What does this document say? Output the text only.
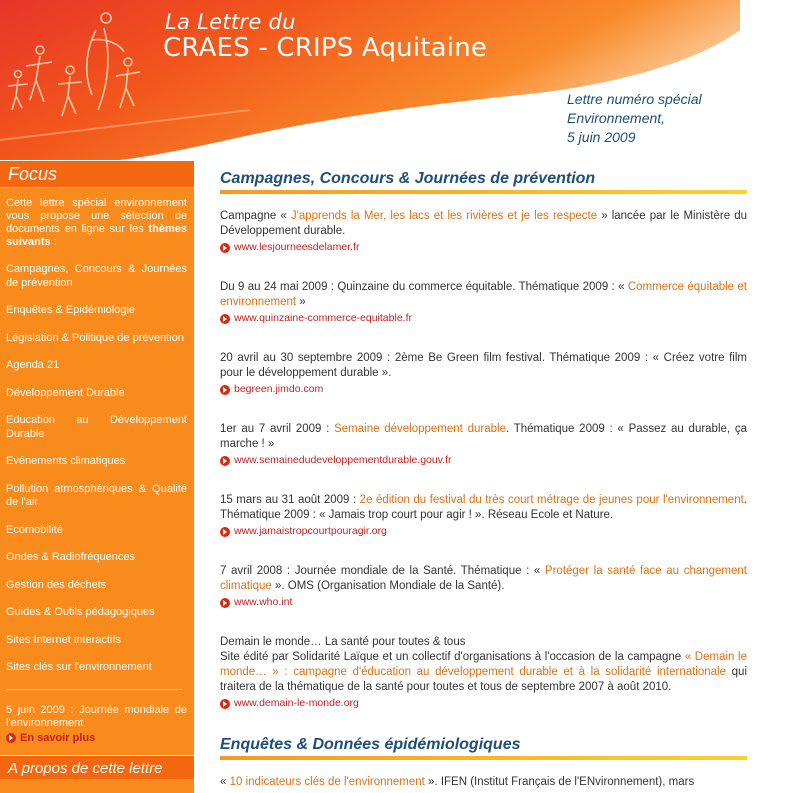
La Lettre du
CRAES - CRIPS Aquitaine
Lettre numéro spécial
Environnement,
5 juin 2009
Focus
Cette lettre spécial environnement vous propose une sélection de documents en ligne sur les thèmes suivants :
Campagnes, Concours & Journées de prévention
Enquêtes & Epidémiologie
Législation & Politique de prévention
Agenda 21
Développement Durable
Education au Développement Durable
Evénements climatiques
Pollution atmosphériques & Qualité de l'air
Ecomobilité
Ondes & Radiofréquences
Gestion des déchets
Guides & Outils pédagogiques
Sites Internet interactifs
Sites clés sur l'environnement
5 juin 2009 : Journée mondiale de l'environnement
En savoir plus
A propos de cette lettre
Campagnes, Concours & Journées de prévention
Campagne « J'apprends la Mer, les lacs et les rivières et je les respecte » lancée par le Ministère du Développement durable.
www.lesjourneesdelamer.fr
Du 9 au 24 mai 2009 : Quinzaine du commerce équitable. Thématique 2009 : « Commerce équitable et environnement »
www.quinzaine-commerce-equitable.fr
20 avril au 30 septembre 2009 : 2ème Be Green film festival. Thématique 2009 : « Créez votre film pour le développement durable ».
begreen.jimdo.com
1er au 7 avril 2009 : Semaine développement durable. Thématique 2009 : « Passez au durable, ça marche ! »
www.semainedudeveloppementdurable.gouv.fr
15 mars au 31 août 2009 : 2e édition du festival du très court métrage de jeunes pour l'environnement. Thématique 2009 : « Jamais trop court pour agir ! ». Réseau Ecole et Nature.
www.jamaistropcourtpouragir.org
7 avril 2008 : Journée mondiale de la Santé. Thématique : « Protéger la santé face au changement climatique ». OMS (Organisation Mondiale de la Santé).
www.who.int
Demain le monde… La santé pour toutes & tous
Site édité par Solidarité Laïque et un collectif d'organisations à l'occasion de la campagne « Demain le monde… » : campagne d'éducation au développement durable et à la solidarité internationale qui traitera de la thématique de la santé pour toutes et tous de septembre 2007 à août 2010.
www.demain-le-monde.org
Enquêtes & Données épidémiologiques
« 10 indicateurs clés de l'environnement ». IFEN (Institut Français de l'ENvironnement), mars
